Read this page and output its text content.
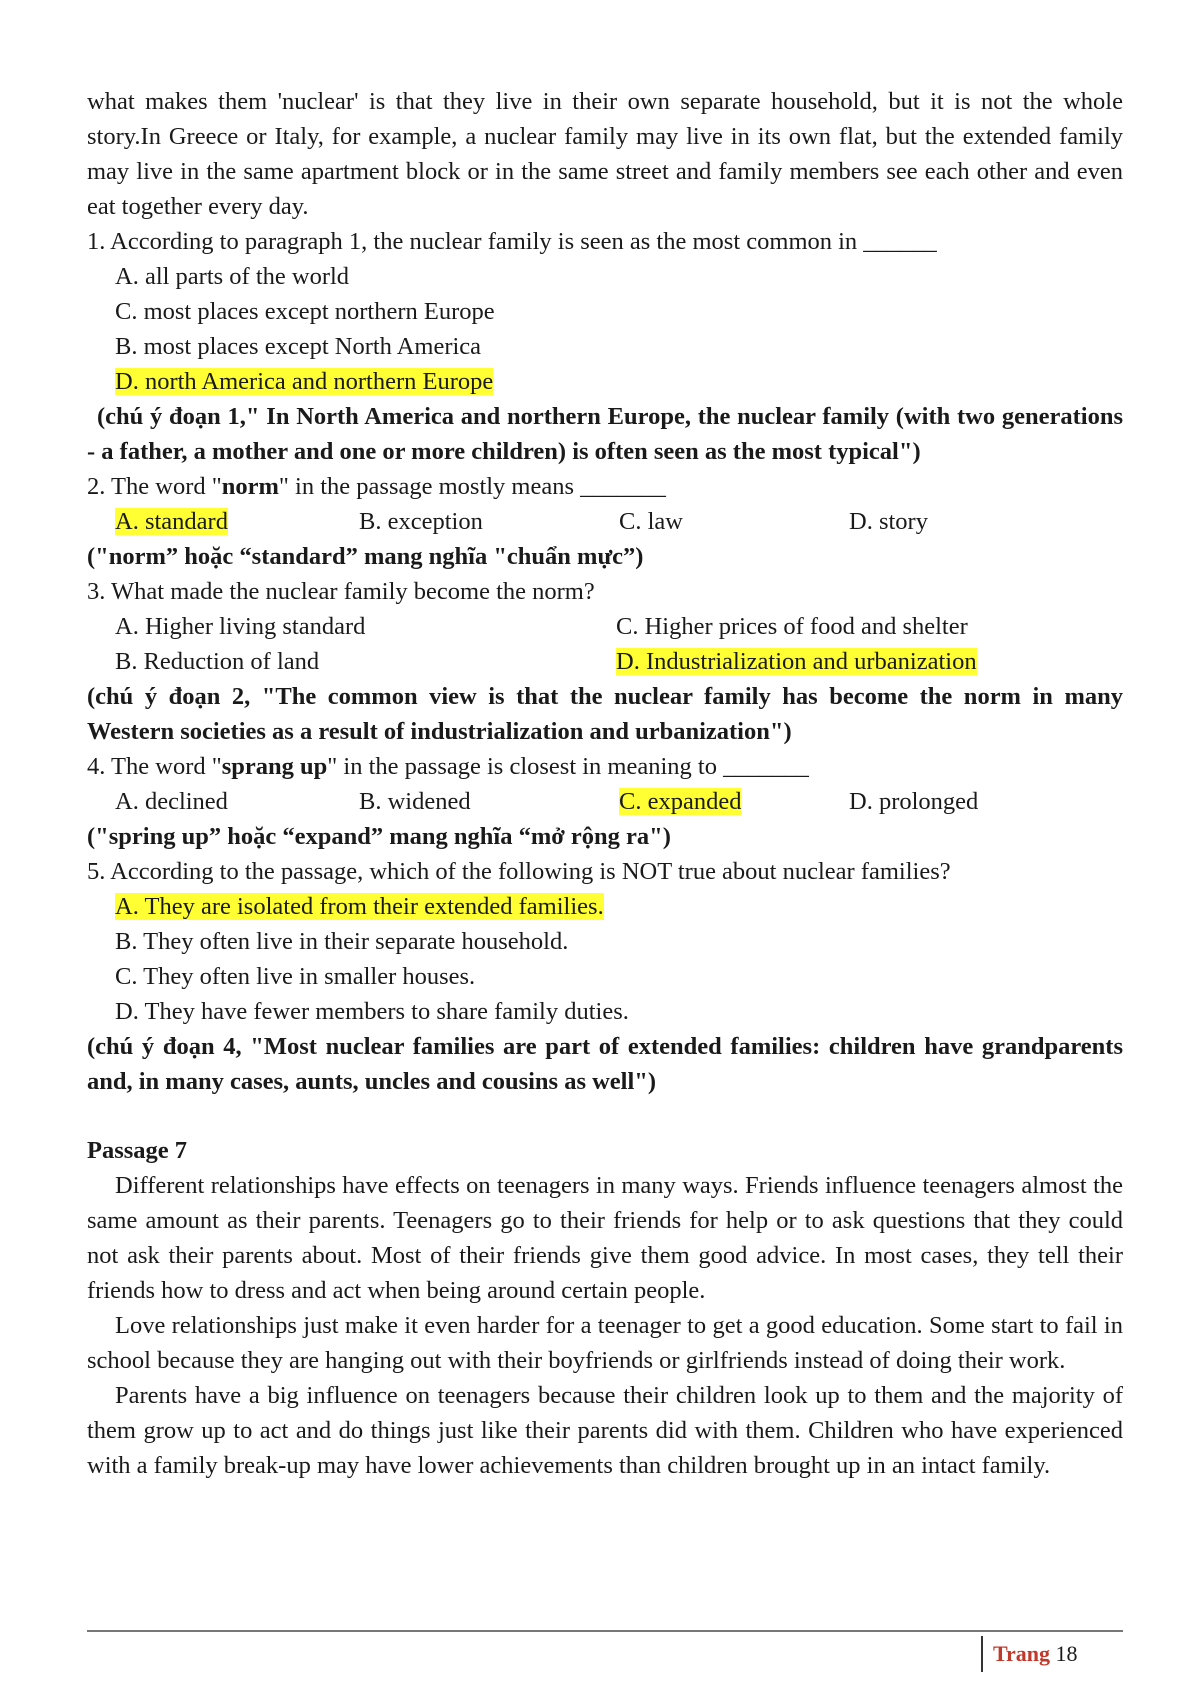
what makes them 'nuclear' is that they live in their own separate household, but it is not the whole story.In Greece or Italy, for example, a nuclear family may live in its own flat, but the extended family may live in the same apartment block or in the same street and family members see each other and even eat together every day.

1. According to paragraph 1, the nuclear family is seen as the most common in ______

A. all parts of the world

C. most places except northern Europe

B. most places except North America

D. north America and northern Europe

(chú ý đoạn 1," In North America and northern Europe, the nuclear family (with two generations - a father, a mother and one or more children) is often seen as the most typical")

2. The word "norm" in the passage mostly means _______

A. standard	B. exception	C. law	D. story

("norm” hoặc “standard” mang nghĩa "chuẩn mực”)

3. What made the nuclear family become the norm?

A. Higher living standard	C. Higher prices of food and shelter
B. Reduction of land	D. Industrialization and urbanization

(chú ý đoạn 2, "The common view is that the nuclear family has become the norm in many Western societies as a result of industrialization and urbanization")

4. The word "sprang up" in the passage is closest in meaning to _______

A. declined	B. widened	C. expanded	D. prolonged

("spring up” hoặc “expand” mang nghĩa “mở rộng ra")

5. According to the passage, which of the following is NOT true about nuclear families?

A. They are isolated from their extended families.

B. They often live in their separate household.

C. They often live in smaller houses.

D. They have fewer members to share family duties.

(chú ý đoạn 4, "Most nuclear families are part of extended families: children have grandparents and, in many cases, aunts, uncles and cousins as well")

Passage 7

Different relationships have effects on teenagers in many ways. Friends influence teenagers almost the same amount as their parents. Teenagers go to their friends for help or to ask questions that they could not ask their parents about. Most of their friends give them good advice. In most cases, they tell their friends how to dress and act when being around certain people.

Love relationships just make it even harder for a teenager to get a good education. Some start to fail in school because they are hanging out with their boyfriends or girlfriends instead of doing their work.

Parents have a big influence on teenagers because their children look up to them and the majority of them grow up to act and do things just like their parents did with them. Children who have experienced with a family break-up may have lower achievements than children brought up in an intact family.

Trang 18
